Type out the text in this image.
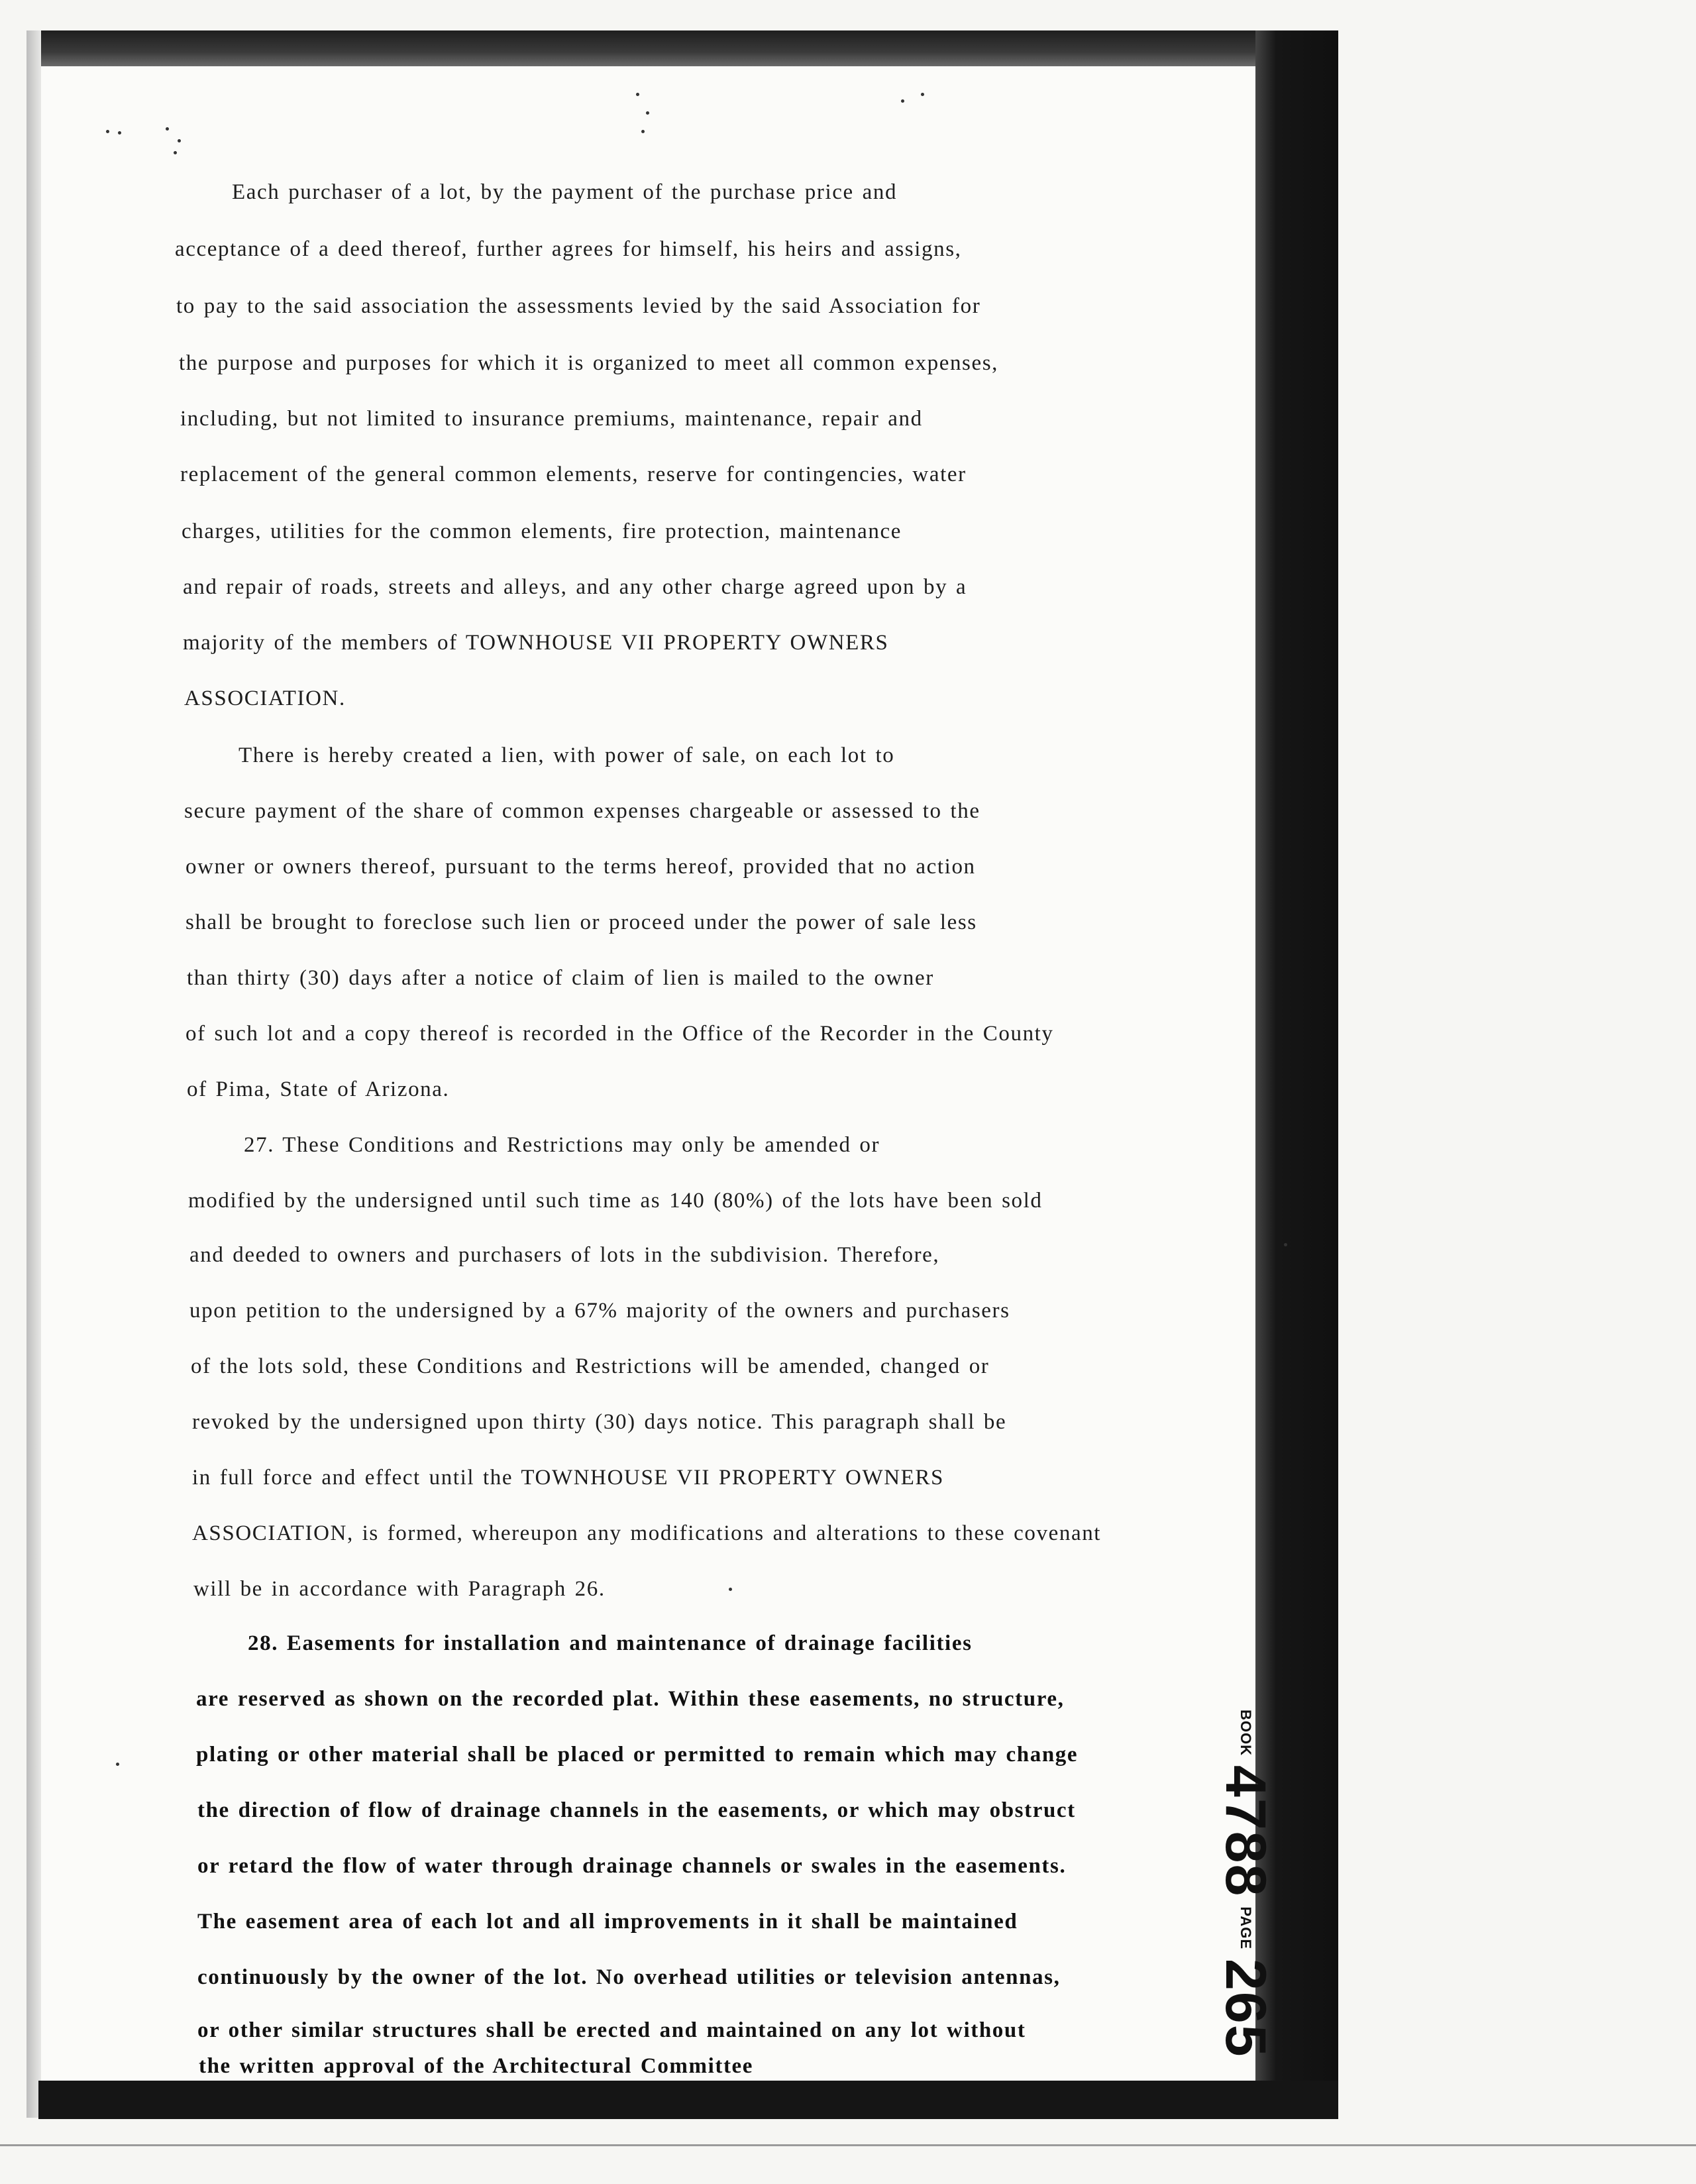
Each purchaser of a lot, by the payment of the purchase price and
acceptance of a deed thereof, further agrees for himself, his heirs and assigns,
to pay to the said association the assessments levied by the said Association for
the purpose and purposes for which it is organized to meet all common expenses,
including, but not limited to insurance premiums, maintenance, repair and
replacement of the general common elements, reserve for contingencies, water
charges, utilities for the common elements, fire protection, maintenance
and repair of roads, streets and alleys, and any other charge agreed upon by a
majority of the members of TOWNHOUSE VII PROPERTY OWNERS
ASSOCIATION.
There is hereby created a lien, with power of sale, on each lot to
secure payment of the share of common expenses chargeable or assessed to the
owner or owners thereof, pursuant to the terms hereof, provided that no action
shall be brought to foreclose such lien or proceed under the power of sale less
than thirty (30) days after a notice of claim of lien is mailed to the owner
of such lot and a copy thereof is recorded in the Office of the Recorder in the County
of Pima, State of Arizona.
27. These Conditions and Restrictions may only be amended or
modified by the undersigned until such time as 140 (80%) of the lots have been sold
and deeded to owners and purchasers of lots in the subdivision. Therefore,
upon petition to the undersigned by a 67% majority of the owners and purchasers
of the lots sold, these Conditions and Restrictions will be amended, changed or
revoked by the undersigned upon thirty (30) days notice. This paragraph shall be
in full force and effect until the TOWNHOUSE VII PROPERTY OWNERS
ASSOCIATION, is formed, whereupon any modifications and alterations to these covenant
will be in accordance with Paragraph 26.
28. Easements for installation and maintenance of drainage facilities
are reserved as shown on the recorded plat. Within these easements, no structure,
plating or other material shall be placed or permitted to remain which may change
the direction of flow of drainage channels in the easements, or which may obstruct
or retard the flow of water through drainage channels or swales in the easements.
The easement area of each lot and all improvements in it shall be maintained
continuously by the owner of the lot. No overhead utilities or television antennas,
or other similar structures shall be erected and maintained on any lot without
the written approval of the Architectural Committee
BOOK
4788
PAGE
265
